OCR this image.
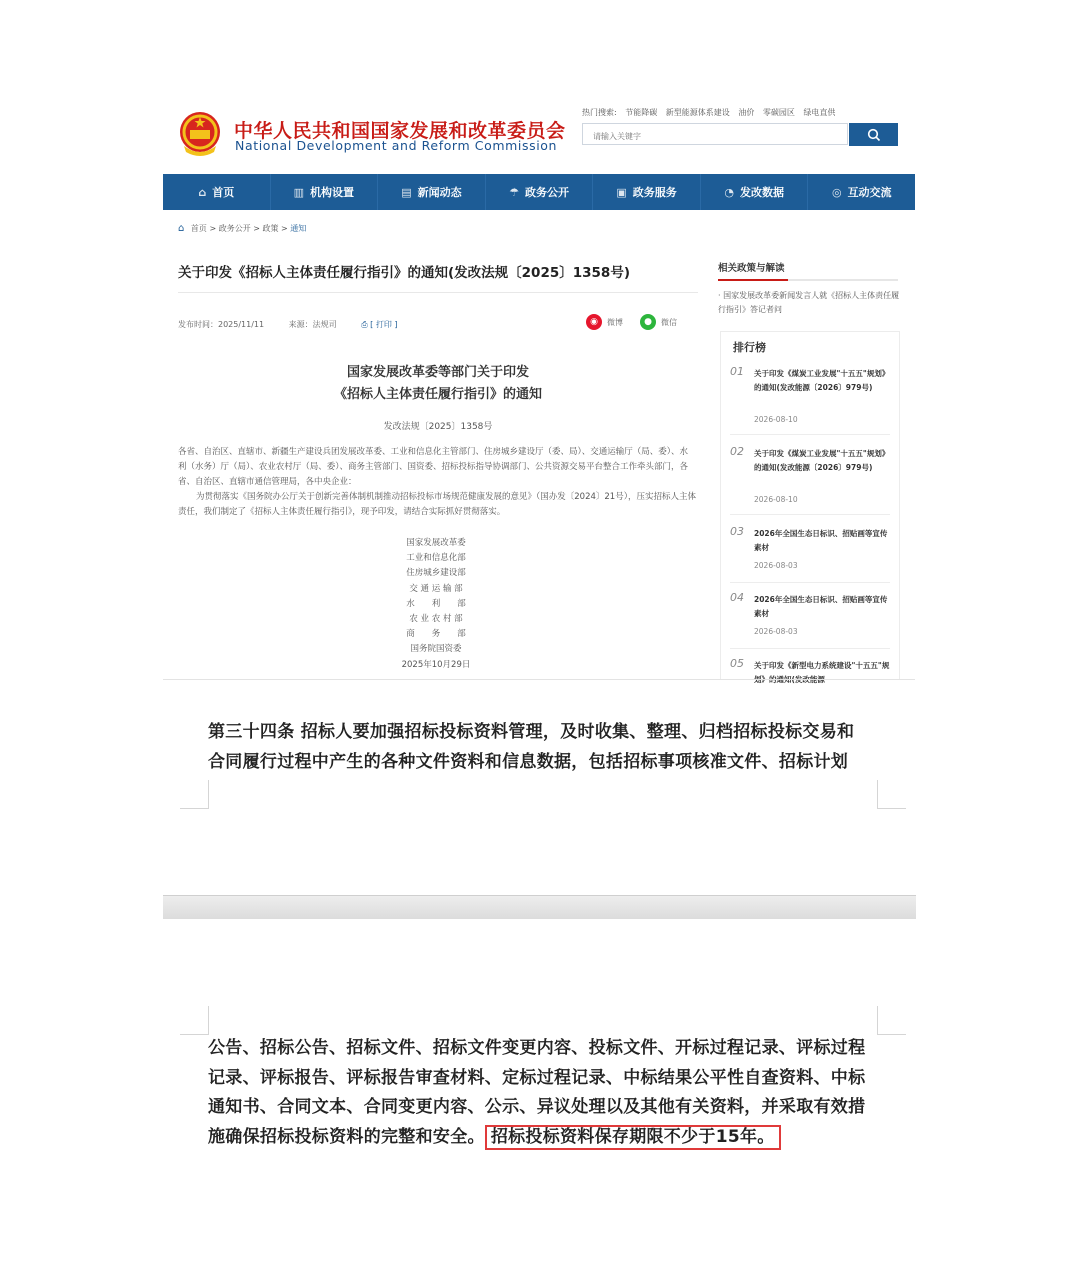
中华人民共和国国家发展和改革委员会
National Development and Reform Commission
热门搜索: 节能降碳 新型能源体系建设 油价 零碳园区 绿电直供
请输入关键字
⌂ 首页	▥ 机构设置	▤ 新闻动态	☂ 政务公开	▣ 政务服务	◔ 发改数据	◎ 互动交流
⌂ 首页 > 政务公开 > 政策 > 通知
关于印发《招标人主体责任履行指引》的通知(发改法规〔2025〕1358号)
发布时间：2025/11/11	来源：法规司	⎙ [ 打印 ]	◉	微博	●	微信
国家发展改革委等部门关于印发
《招标人主体责任履行指引》的通知
发改法规〔2025〕1358号
各省、自治区、直辖市、新疆生产建设兵团发展改革委、工业和信息化主管部门、住房城乡建设厅（委、局）、交通运输厅（局、委）、水利（水务）厅（局）、农业农村厅（局、委）、商务主管部门、国资委、招标投标指导协调部门、公共资源交易平台整合工作牵头部门，各省、自治区、直辖市通信管理局，各中央企业：
为贯彻落实《国务院办公厅关于创新完善体制机制推动招标投标市场规范健康发展的意见》（国办发〔2024〕21号），压实招标人主体责任，我们制定了《招标人主体责任履行指引》，现予印发，请结合实际抓好贯彻落实。
国家发展改革委
工业和信息化部
住房城乡建设部
交 通 运 输 部
水　　利　　部
农 业 农 村 部
商　　务　　部
国务院国资委
2025年10月29日
相关政策与解读
· 国家发展改革委新闻发言人就《招标人主体责任履行指引》答记者问
排行榜
01 关于印发《煤炭工业发展"十五五"规划》的通知(发改能源〔2026〕979号)
2026-08-10
02 关于印发《煤炭工业发展"十五五"规划》的通知(发改能源〔2026〕979号)
2026-08-10
03 2026年全国生态日标识、招贴画等宣传素材
2026-08-03
04 2026年全国生态日标识、招贴画等宣传素材
2026-08-03
05 关于印发《新型电力系统建设"十五五"规
第三十四条 招标人要加强招标投标资料管理，及时收集、整理、归档招标投标交易和合同履行过程中产生的各种文件资料和信息数据，包括招标事项核准文件、招标计划
公告、招标公告、招标文件、招标文件变更内容、投标文件、开标过程记录、评标过程记录、评标报告、评标报告审查材料、定标过程记录、中标结果公平性自查资料、中标通知书、合同文本、合同变更内容、公示、异议处理以及其他有关资料，并采取有效措施确保招标投标资料的完整和安全。 招标投标资料保存期限不少于15年。
